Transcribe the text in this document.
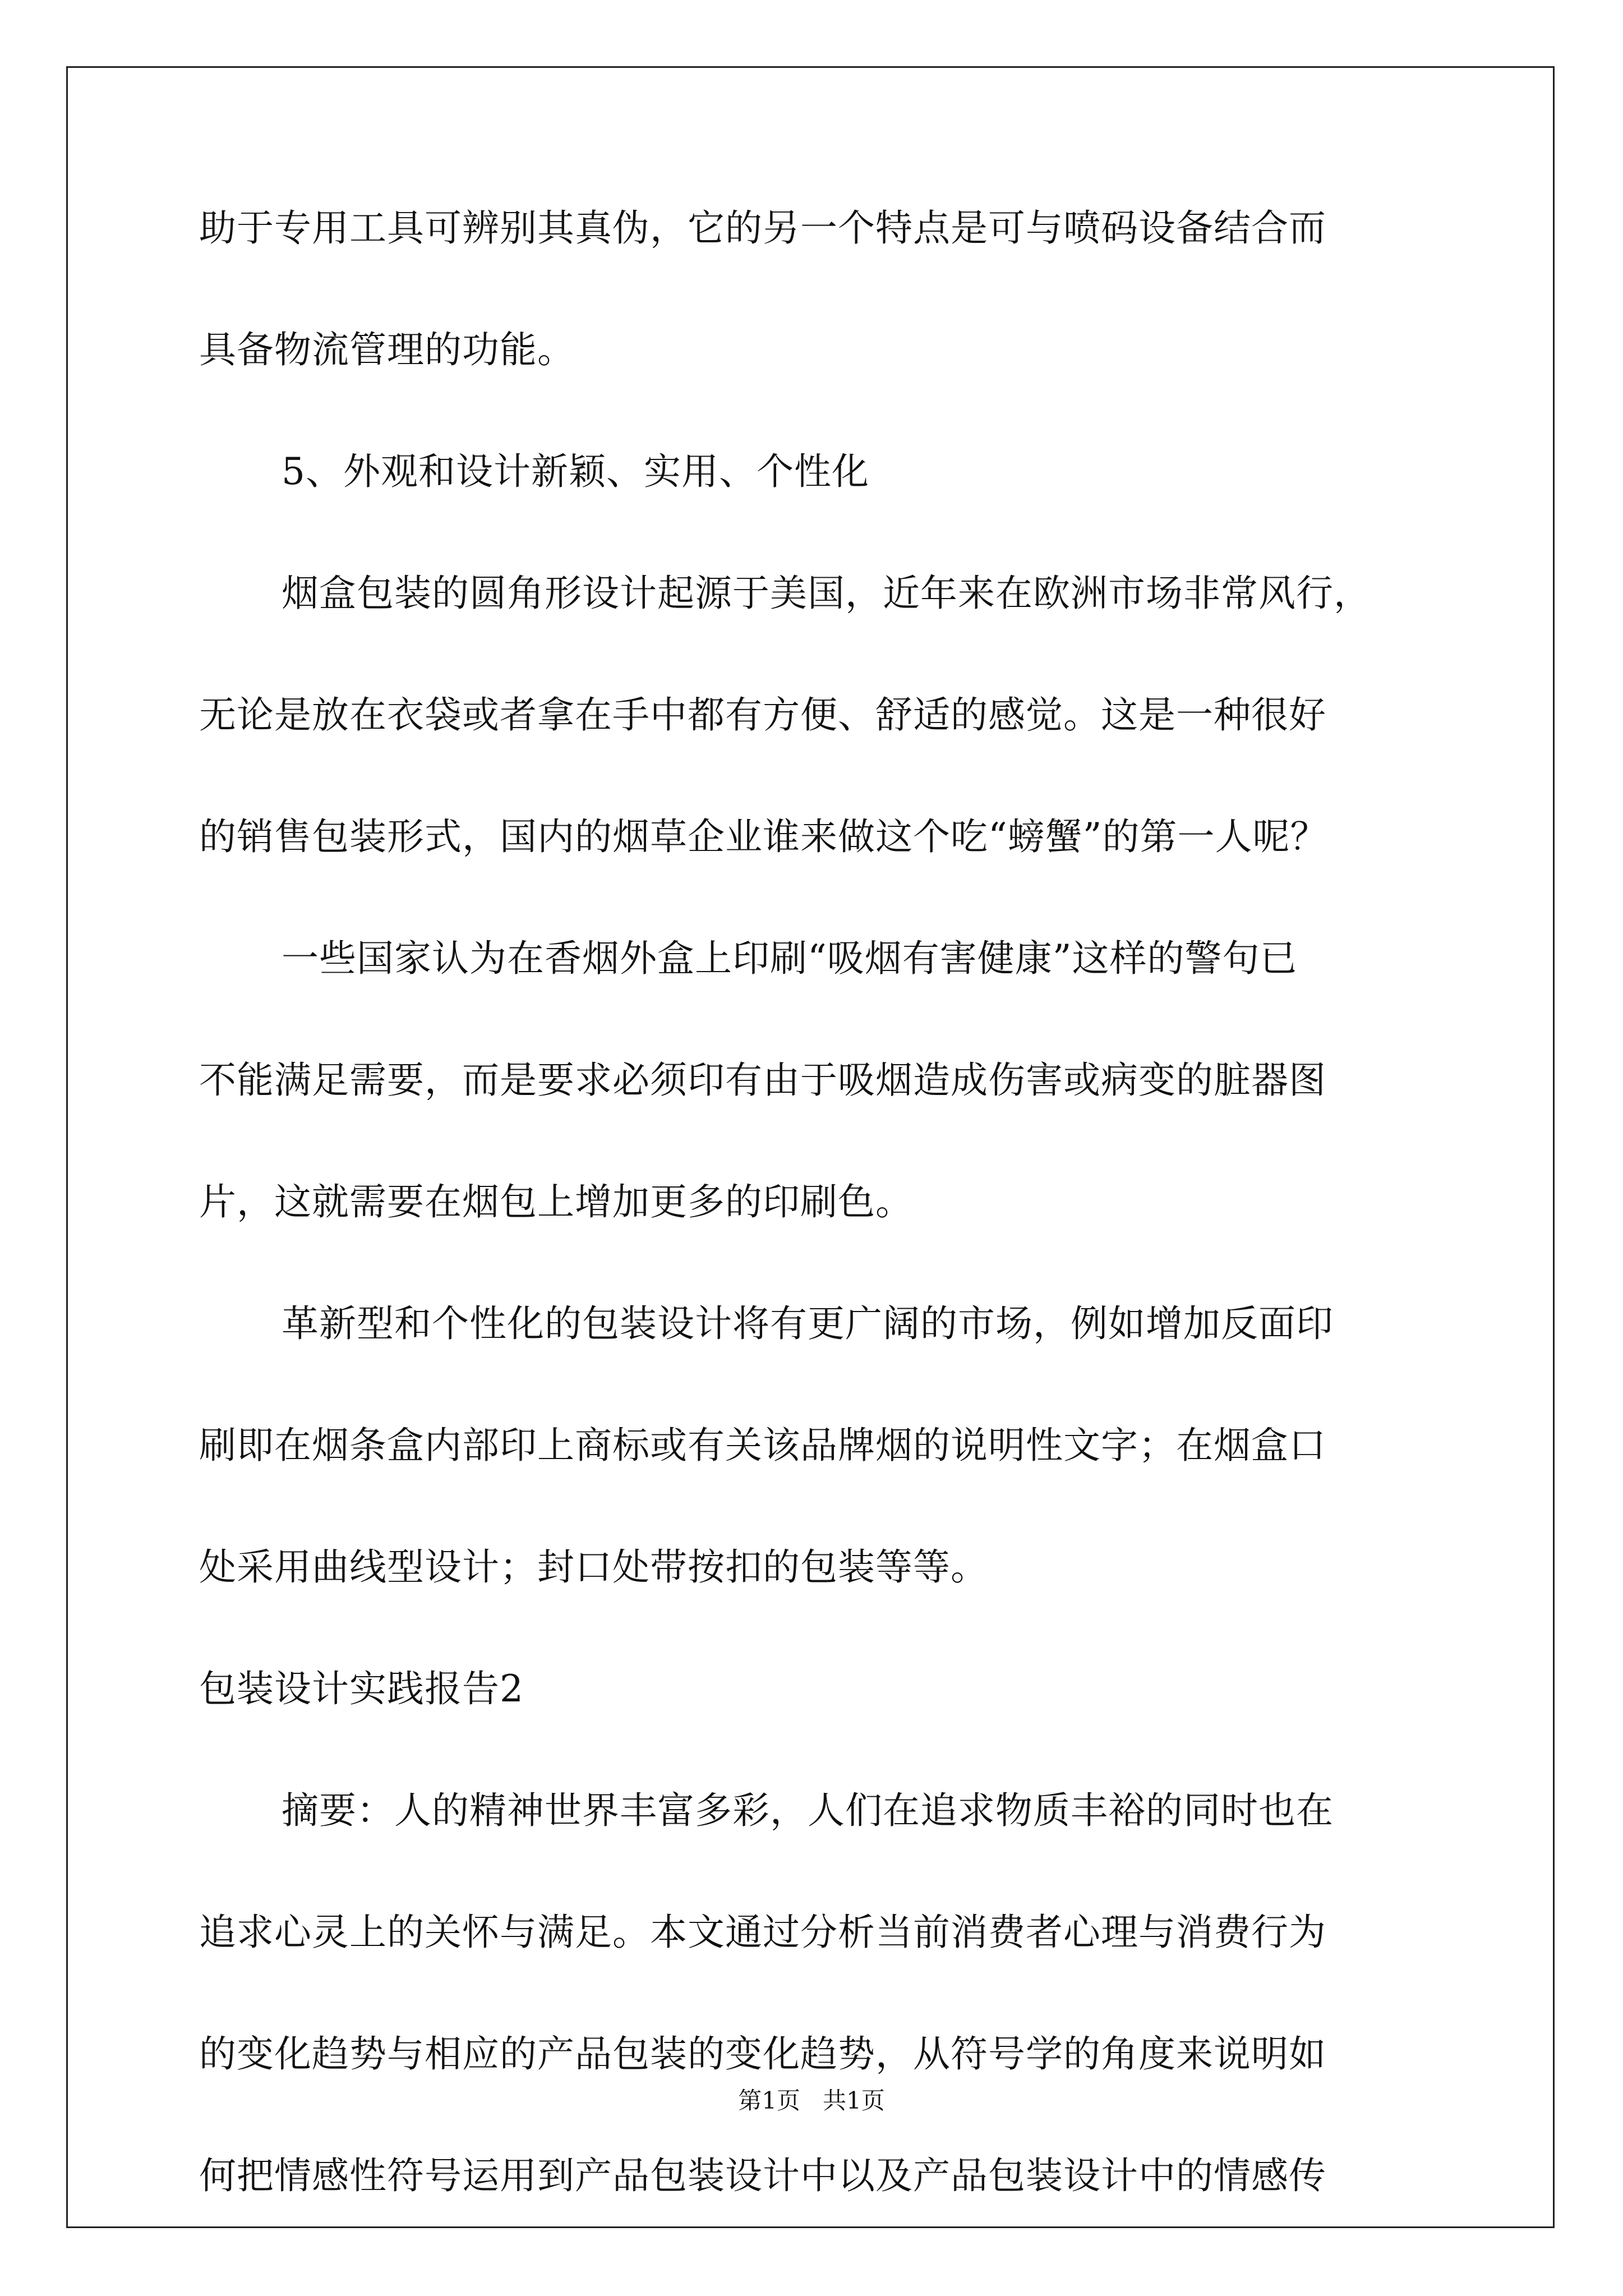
助于专用工具可辨别其真伪，它的另一个特点是可与喷码设备结合而
具备物流管理的功能。
5、外观和设计新颖、实用、个性化
烟盒包装的圆角形设计起源于美国，近年来在欧洲市场非常风行，
无论是放在衣袋或者拿在手中都有方便、舒适的感觉。这是一种很好
的销售包装形式，国内的烟草企业谁来做这个吃“螃蟹”的第一人呢？
一些国家认为在香烟外盒上印刷“吸烟有害健康”这样的警句已
不能满足需要，而是要求必须印有由于吸烟造成伤害或病变的脏器图
片，这就需要在烟包上增加更多的印刷色。
革新型和个性化的包装设计将有更广阔的市场，例如增加反面印
刷即在烟条盒内部印上商标或有关该品牌烟的说明性文字；在烟盒口
处采用曲线型设计；封口处带按扣的包装等等。
包装设计实践报告2
摘要：人的精神世界丰富多彩，人们在追求物质丰裕的同时也在
追求心灵上的关怀与满足。本文通过分析当前消费者心理与消费行为
的变化趋势与相应的产品包装的变化趋势，从符号学的角度来说明如
何把情感性符号运用到产品包装设计中以及产品包装设计中的情感传
第1页   共1页
